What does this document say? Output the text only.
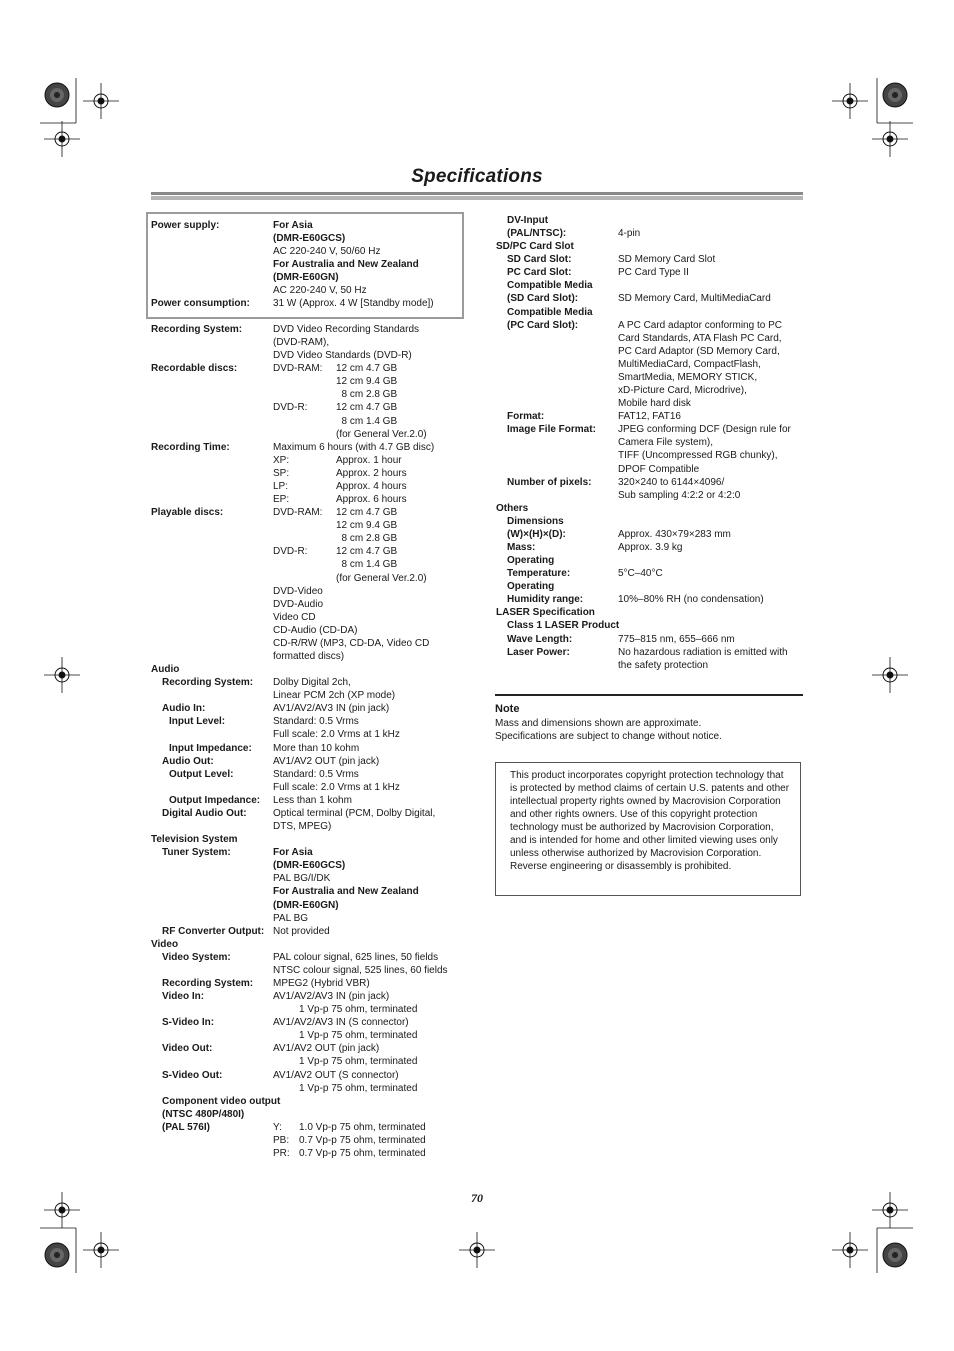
Specifications
Power supply:	For Asia
(DMR-E60GCS)
AC 220-240 V, 50/60 Hz
For Australia and New Zealand
(DMR-E60GN)
AC 220-240 V, 50 Hz
Power consumption: 31 W (Approx. 4 W [Standby mode])
Recording System:	DVD Video Recording Standards
(DVD-RAM),
DVD Video Standards (DVD-R)
Recordable discs:	DVD-RAM: 12 cm 4.7 GB
12 cm 9.4 GB
8 cm 2.8 GB
DVD-R:	12 cm 4.7 GB
8 cm 1.4 GB
(for General Ver.2.0)
Recording Time:	Maximum 6 hours (with 4.7 GB disc)
XP:	Approx. 1 hour
SP:	Approx. 2 hours
LP:	Approx. 4 hours
EP:	Approx. 6 hours
Playable discs:	DVD-RAM: 12 cm 4.7 GB
12 cm 9.4 GB
8 cm 2.8 GB
DVD-R:	12 cm 4.7 GB
8 cm 1.4 GB
(for General Ver.2.0)
DVD-Video
DVD-Audio
Video CD
CD-Audio (CD-DA)
CD-R/RW (MP3, CD-DA, Video CD
formatted discs)
Audio
Recording System: Dolby Digital 2ch,
Linear PCM 2ch (XP mode)
Audio In:	AV1/AV2/AV3 IN (pin jack)
Input Level:	Standard: 0.5 Vrms
Full scale: 2.0 Vrms at 1 kHz
Input Impedance: More than 10 kohm
Audio Out:	AV1/AV2 OUT (pin jack)
Output Level:	Standard: 0.5 Vrms
Full scale: 2.0 Vrms at 1 kHz
Output Impedance: Less than 1 kohm
Digital Audio Out:	Optical terminal (PCM, Dolby Digital,
DTS, MPEG)
Television System
Tuner System:	For Asia
(DMR-E60GCS)
PAL BG/I/DK
For Australia and New Zealand
(DMR-E60GN)
PAL BG
RF Converter Output: Not provided
Video
Video System:	PAL colour signal, 625 lines, 50 fields
NTSC colour signal, 525 lines, 60 fields
Recording System: MPEG2 (Hybrid VBR)
Video In:	AV1/AV2/AV3 IN (pin jack)
1 Vp-p 75 ohm, terminated
S-Video In:	AV1/AV2/AV3 IN (S connector)
1 Vp-p 75 ohm, terminated
Video Out:	AV1/AV2 OUT (pin jack)
1 Vp-p 75 ohm, terminated
S-Video Out:	AV1/AV2 OUT (S connector)
1 Vp-p 75 ohm, terminated
Component video output
(NTSC 480P/480I)
(PAL 576I)	Y: 1.0 Vp-p 75 ohm, terminated
PB: 0.7 Vp-p 75 ohm, terminated
PR: 0.7 Vp-p 75 ohm, terminated
DV-Input
(PAL/NTSC):	4-pin
SD/PC Card Slot
SD Card Slot:	SD Memory Card Slot
PC Card Slot:	PC Card Type II
Compatible Media
(SD Card Slot):	SD Memory Card, MultiMediaCard
Compatible Media
(PC Card Slot):	A PC Card adaptor conforming to PC
Card Standards, ATA Flash PC Card,
PC Card Adaptor (SD Memory Card,
MultiMediaCard, CompactFlash,
SmartMedia, MEMORY STICK,
xD-Picture Card, Microdrive),
Mobile hard disk
Format:	FAT12, FAT16
Image File Format: JPEG conforming DCF (Design rule for
Camera File system),
TIFF (Uncompressed RGB chunky),
DPOF Compatible
Number of pixels:	320×240 to 6144×4096/
Sub sampling 4:2:2 or 4:2:0
Others
Dimensions
(W)×(H)×(D):	Approx. 430×79×283 mm
Mass:	Approx. 3.9 kg
Operating
Temperature:	5°C–40°C
Operating
Humidity range:	10%–80% RH (no condensation)
LASER Specification
Class 1 LASER Product
Wave Length:	775–815 nm, 655–666 nm
Laser Power:	No hazardous radiation is emitted with
the safety protection
Note
Mass and dimensions shown are approximate.
Specifications are subject to change without notice.

This product incorporates copyright protection technology that is protected by method claims of certain U.S. patents and other intellectual property rights owned by Macrovision Corporation and other rights owners. Use of this copyright protection technology must be authorized by Macrovision Corporation, and is intended for home and other limited viewing uses only unless otherwise authorized by Macrovision Corporation. Reverse engineering or disassembly is prohibited.

70
